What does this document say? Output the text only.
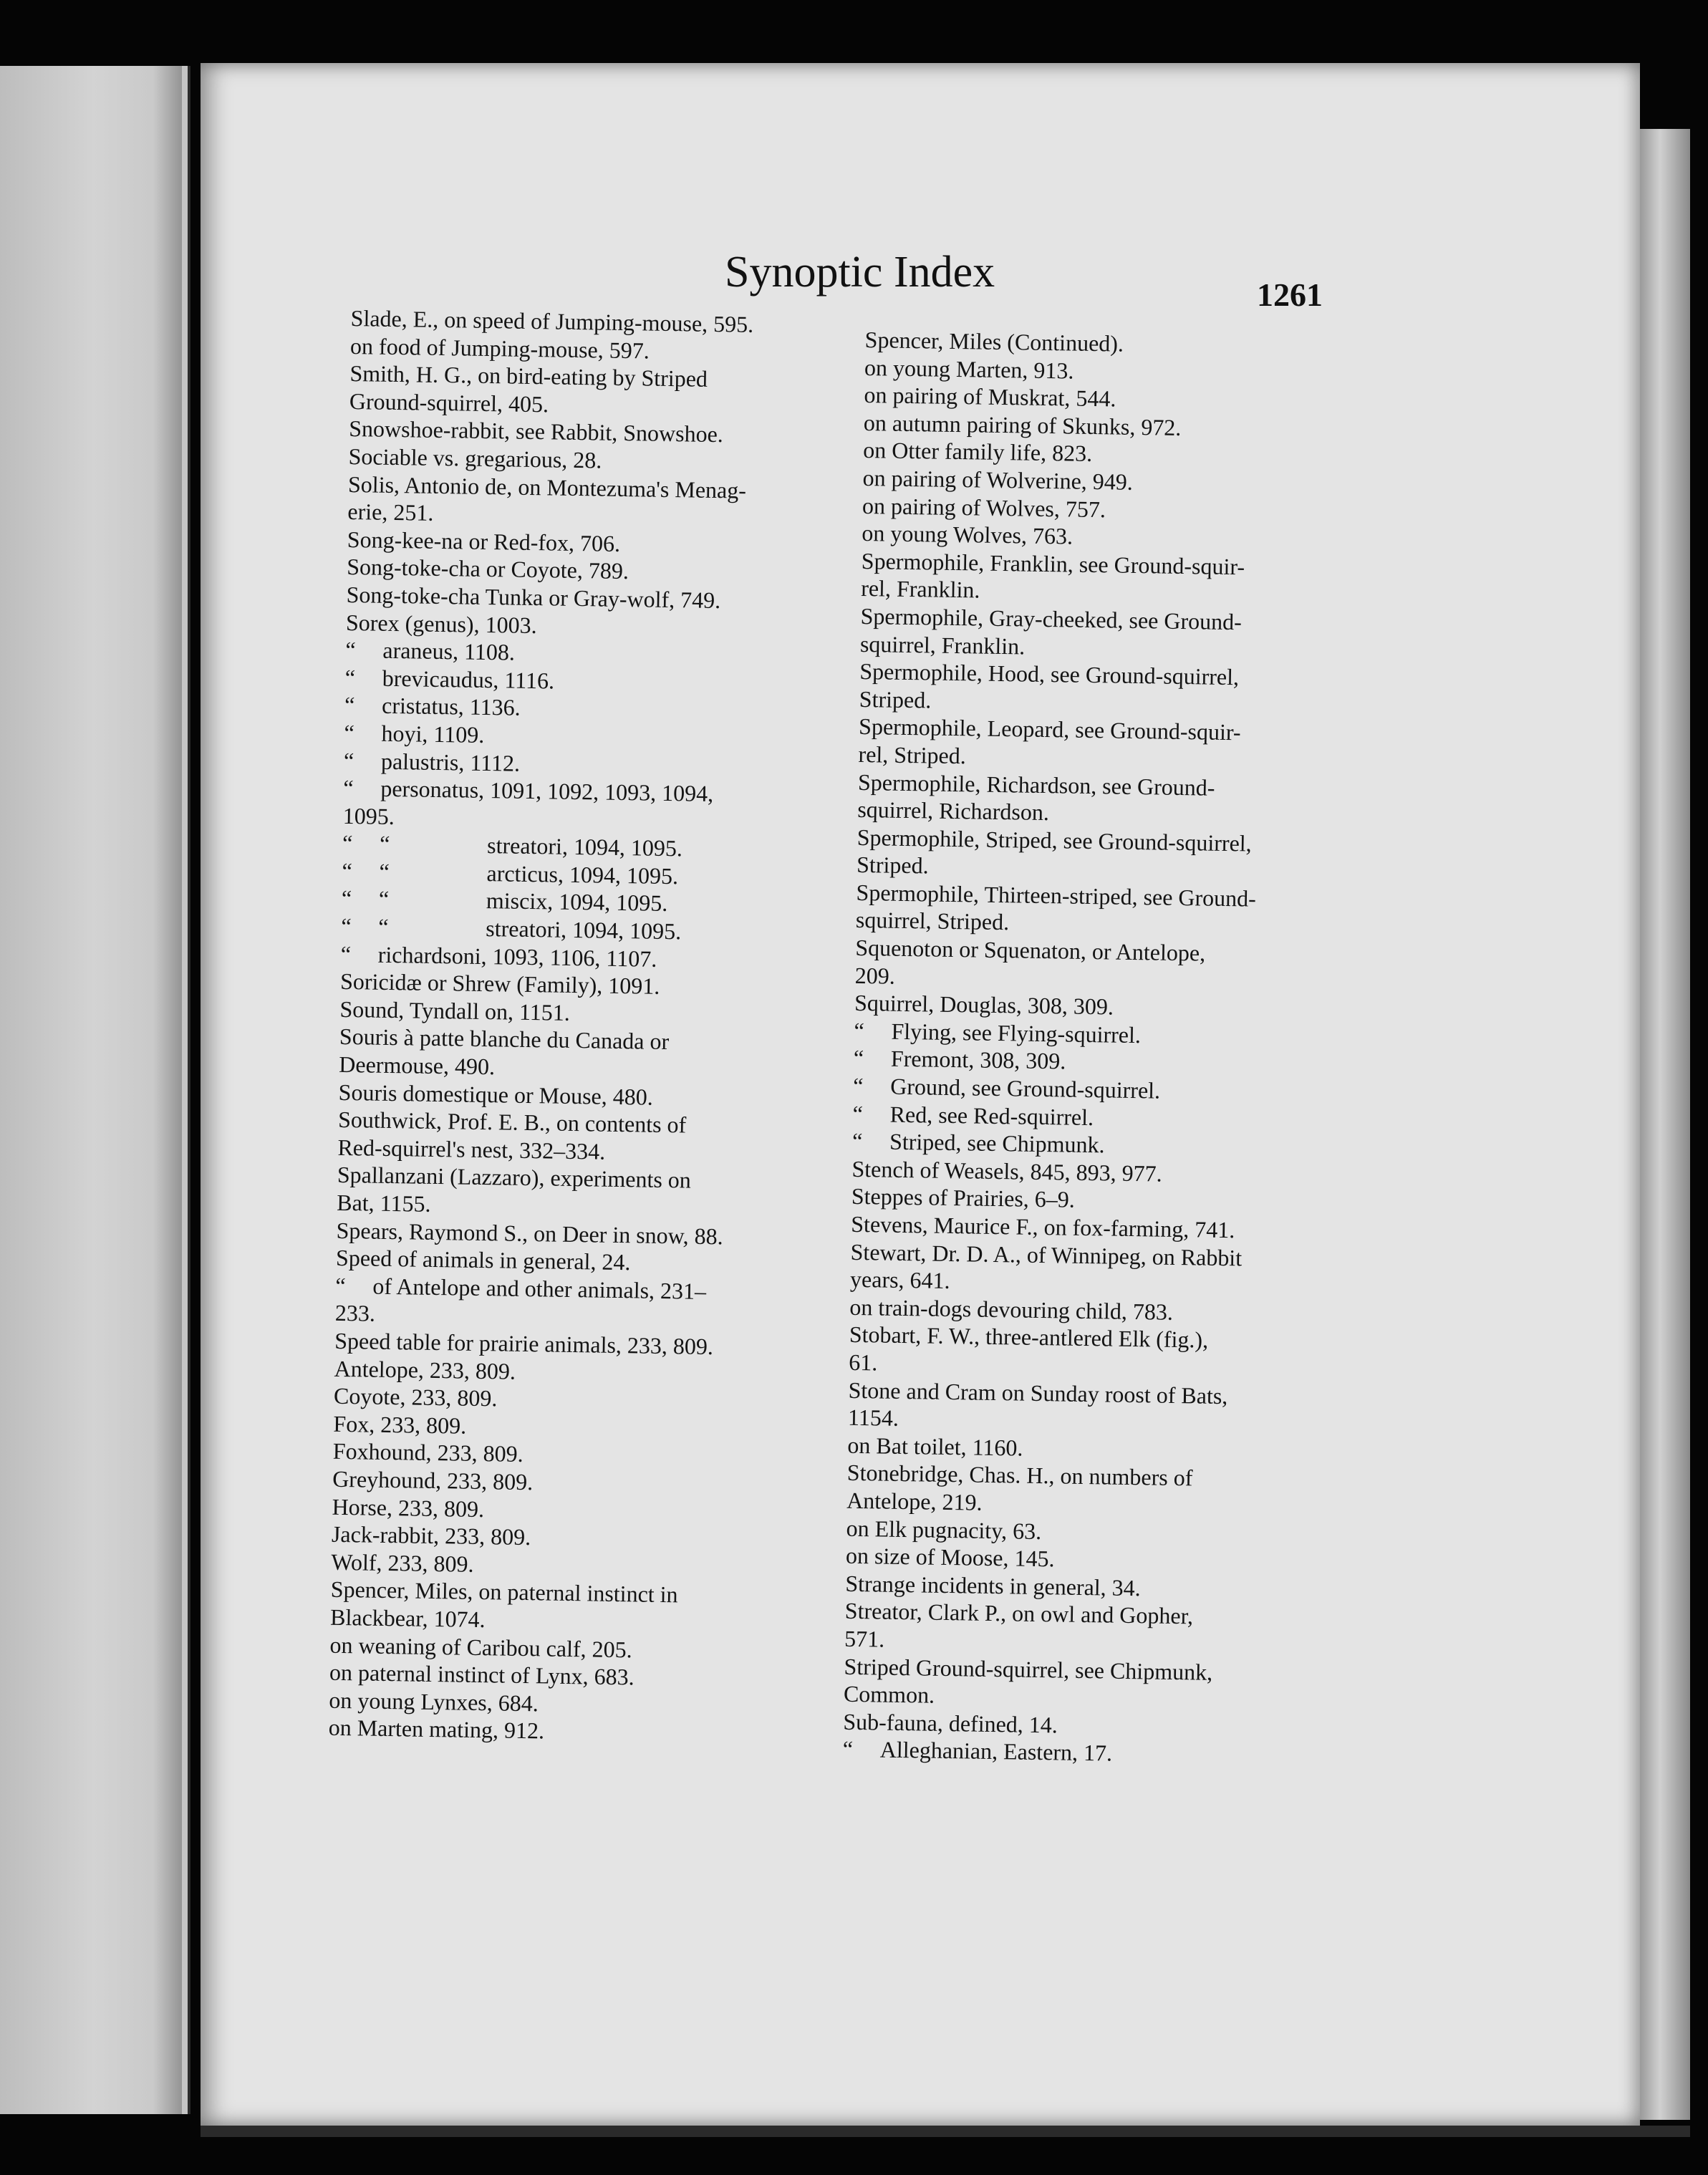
Synoptic Index	1261
Slade, E., on speed of Jumping-mouse, 595.
on food of Jumping-mouse, 597.
Smith, H. G., on bird-eating by Striped
Ground-squirrel, 405.
Snowshoe-rabbit, see Rabbit, Snowshoe.
Sociable vs. gregarious, 28.
Solis, Antonio de, on Montezuma's Menag-
erie, 251.
Song-kee-na or Red-fox, 706.
Song-toke-cha or Coyote, 789.
Song-toke-cha Tunka or Gray-wolf, 749.
Sorex (genus), 1003.
“ araneus, 1108.
“ brevicaudus, 1116.
“ cristatus, 1136.
“ hoyi, 1109.
“ palustris, 1112.
“ personatus, 1091, 1092, 1093, 1094,
1095.
“ “	streatori, 1094, 1095.
“ “	arcticus, 1094, 1095.
“ “	miscix, 1094, 1095.
“ “	streatori, 1094, 1095.
“ richardsoni, 1093, 1106, 1107.
Soricidæ or Shrew (Family), 1091.
Sound, Tyndall on, 1151.
Souris à patte blanche du Canada or
Deermouse, 490.
Souris domestique or Mouse, 480.
Southwick, Prof. E. B., on contents of
Red-squirrel's nest, 332–334.
Spallanzani (Lazzaro), experiments on
Bat, 1155.
Spears, Raymond S., on Deer in snow, 88.
Speed of animals in general, 24.
“ of Antelope and other animals, 231–
233.
Speed table for prairie animals, 233, 809.
Antelope, 233, 809.
Coyote, 233, 809.
Fox, 233, 809.
Foxhound, 233, 809.
Greyhound, 233, 809.
Horse, 233, 809.
Jack-rabbit, 233, 809.
Wolf, 233, 809.
Spencer, Miles, on paternal instinct in
Blackbear, 1074.
on weaning of Caribou calf, 205.
on paternal instinct of Lynx, 683.
on young Lynxes, 684.
on Marten mating, 912.
Spencer, Miles (Continued).
on young Marten, 913.
on pairing of Muskrat, 544.
on autumn pairing of Skunks, 972.
on Otter family life, 823.
on pairing of Wolverine, 949.
on pairing of Wolves, 757.
on young Wolves, 763.
Spermophile, Franklin, see Ground-squir-
rel, Franklin.
Spermophile, Gray-cheeked, see Ground-
squirrel, Franklin.
Spermophile, Hood, see Ground-squirrel,
Striped.
Spermophile, Leopard, see Ground-squir-
rel, Striped.
Spermophile, Richardson, see Ground-
squirrel, Richardson.
Spermophile, Striped, see Ground-squirrel,
Striped.
Spermophile, Thirteen-striped, see Ground-
squirrel, Striped.
Squenoton or Squenaton, or Antelope,
209.
Squirrel, Douglas, 308, 309.
“ Flying, see Flying-squirrel.
“ Fremont, 308, 309.
“ Ground, see Ground-squirrel.
“ Red, see Red-squirrel.
“ Striped, see Chipmunk.
Stench of Weasels, 845, 893, 977.
Steppes of Prairies, 6–9.
Stevens, Maurice F., on fox-farming, 741.
Stewart, Dr. D. A., of Winnipeg, on Rabbit
years, 641.
on train-dogs devouring child, 783.
Stobart, F. W., three-antlered Elk (fig.),
61.
Stone and Cram on Sunday roost of Bats,
1154.
on Bat toilet, 1160.
Stonebridge, Chas. H., on numbers of
Antelope, 219.
on Elk pugnacity, 63.
on size of Moose, 145.
Strange incidents in general, 34.
Streator, Clark P., on owl and Gopher,
571.
Striped Ground-squirrel, see Chipmunk,
Common.
Sub-fauna, defined, 14.
“ Alleghanian, Eastern, 17.
